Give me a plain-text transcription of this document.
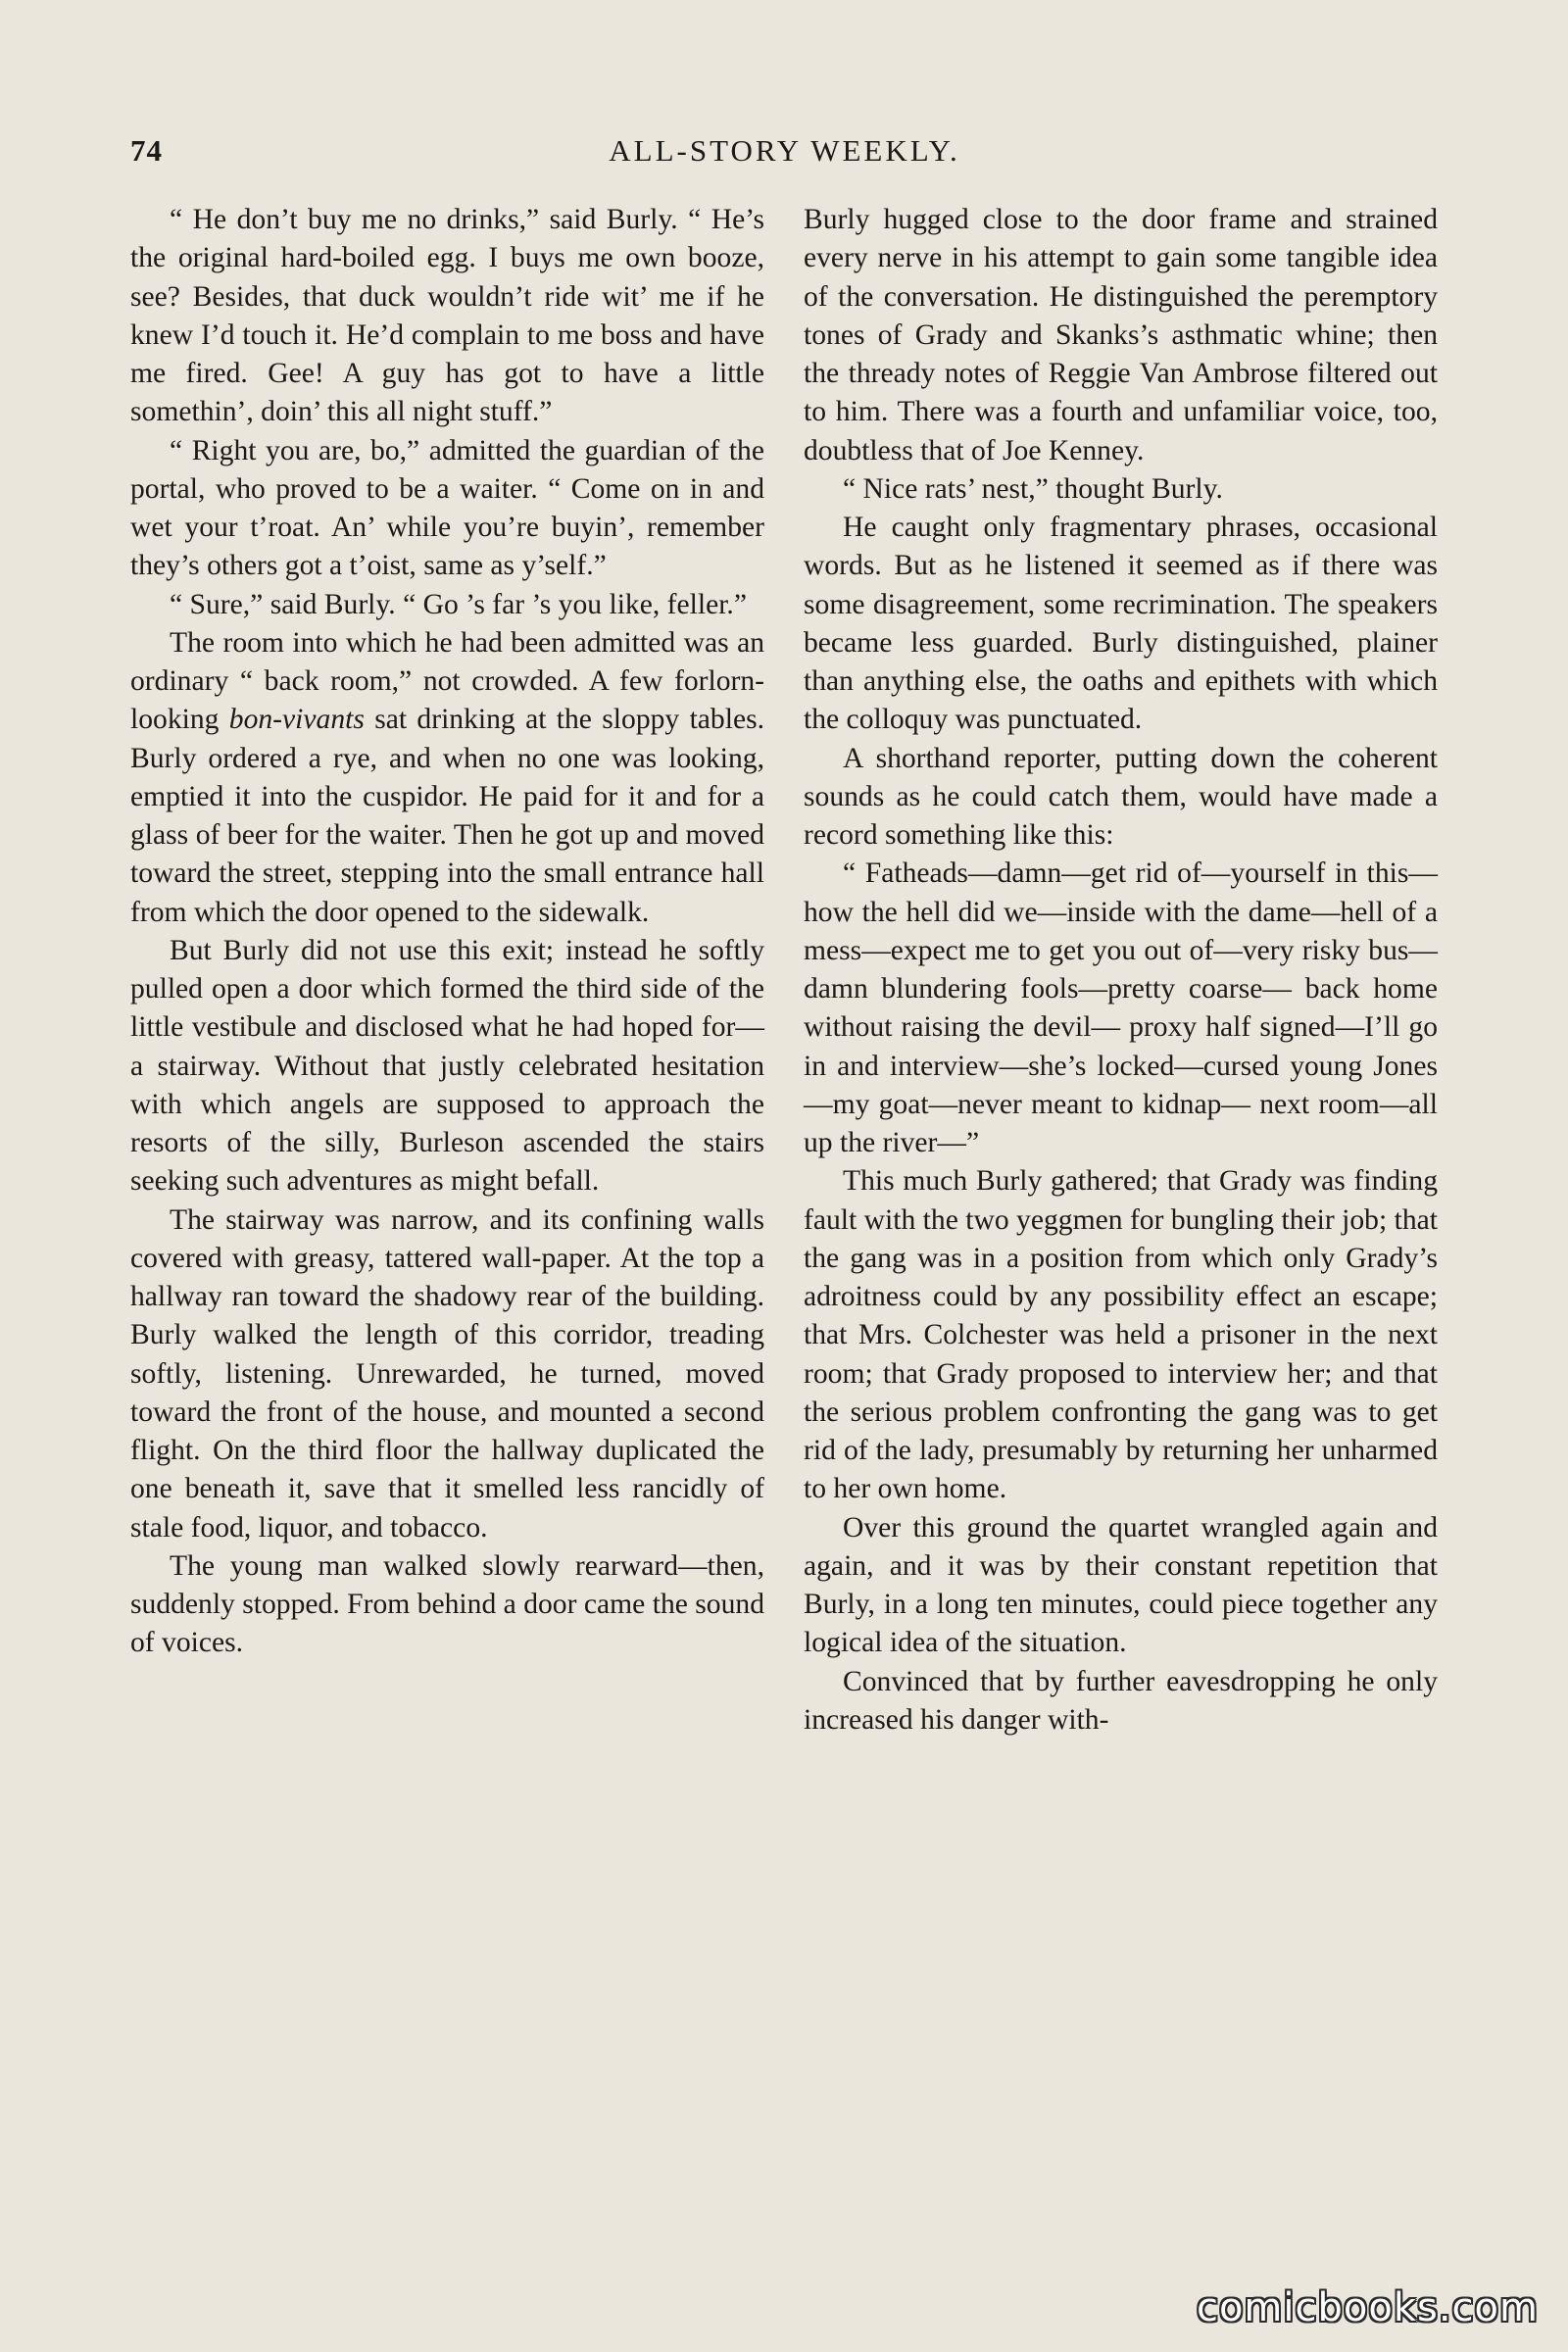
74	ALL-STORY WEEKLY.

“ He don’t buy me no drinks,” said Burly. “ He’s the original hard-boiled egg. I buys me own booze, see? Besides, that duck wouldn’t ride wit’ me if he knew I’d touch it. He’d complain to me boss and have me fired. Gee! A guy has got to have a little somethin’, doin’ this all night stuff.”

“ Right you are, bo,” admitted the guardian of the portal, who proved to be a waiter. “ Come on in and wet your t’roat. An’ while you’re buyin’, remember they’s others got a t’oist, same as y’self.”

“ Sure,” said Burly. “ Go ’s far ’s you like, feller.”

The room into which he had been admitted was an ordinary “ back room,” not crowded. A few forlorn-looking bon-vivants sat drinking at the sloppy tables. Burly ordered a rye, and when no one was looking, emptied it into the cuspidor. He paid for it and for a glass of beer for the waiter. Then he got up and moved toward the street, stepping into the small entrance hall from which the door opened to the sidewalk.

But Burly did not use this exit; instead he softly pulled open a door which formed the third side of the little vestibule and disclosed what he had hoped for—a stairway. Without that justly celebrated hesitation with which angels are supposed to approach the resorts of the silly, Burleson ascended the stairs seeking such adventures as might befall.

The stairway was narrow, and its confining walls covered with greasy, tattered wall-paper. At the top a hallway ran toward the shadowy rear of the building. Burly walked the length of this corridor, treading softly, listening. Unrewarded, he turned, moved toward the front of the house, and mounted a second flight. On the third floor the hallway duplicated the one beneath it, save that it smelled less rancidly of stale food, liquor, and tobacco.

The young man walked slowly rearward—then, suddenly stopped. From behind a door came the sound of voices.

Burly hugged close to the door frame and strained every nerve in his attempt to gain some tangible idea of the conversation. He distinguished the peremptory tones of Grady and Skanks’s asthmatic whine; then the thready notes of Reggie Van Ambrose filtered out to him. There was a fourth and unfamiliar voice, too, doubtless that of Joe Kenney.

“ Nice rats’ nest,” thought Burly.

He caught only fragmentary phrases, occasional words. But as he listened it seemed as if there was some disagreement, some recrimination. The speakers became less guarded. Burly distinguished, plainer than anything else, the oaths and epithets with which the colloquy was punctuated.

A shorthand reporter, putting down the coherent sounds as he could catch them, would have made a record something like this:

“ Fatheads—damn—get rid of—yourself in this—how the hell did we—inside with the dame—hell of a mess—expect me to get you out of—very risky bus— damn blundering fools—pretty coarse— back home without raising the devil— proxy half signed—I’ll go in and interview—she’s locked—cursed young Jones —my goat—never meant to kidnap— next room—all up the river—”

This much Burly gathered; that Grady was finding fault with the two yeggmen for bungling their job; that the gang was in a position from which only Grady’s adroitness could by any possibility effect an escape; that Mrs. Colchester was held a prisoner in the next room; that Grady proposed to interview her; and that the serious problem confronting the gang was to get rid of the lady, presumably by returning her unharmed to her own home.

Over this ground the quartet wrangled again and again, and it was by their constant repetition that Burly, in a long ten minutes, could piece together any logical idea of the situation.

Convinced that by further eavesdropping he only increased his danger with-

comicbooks.com
